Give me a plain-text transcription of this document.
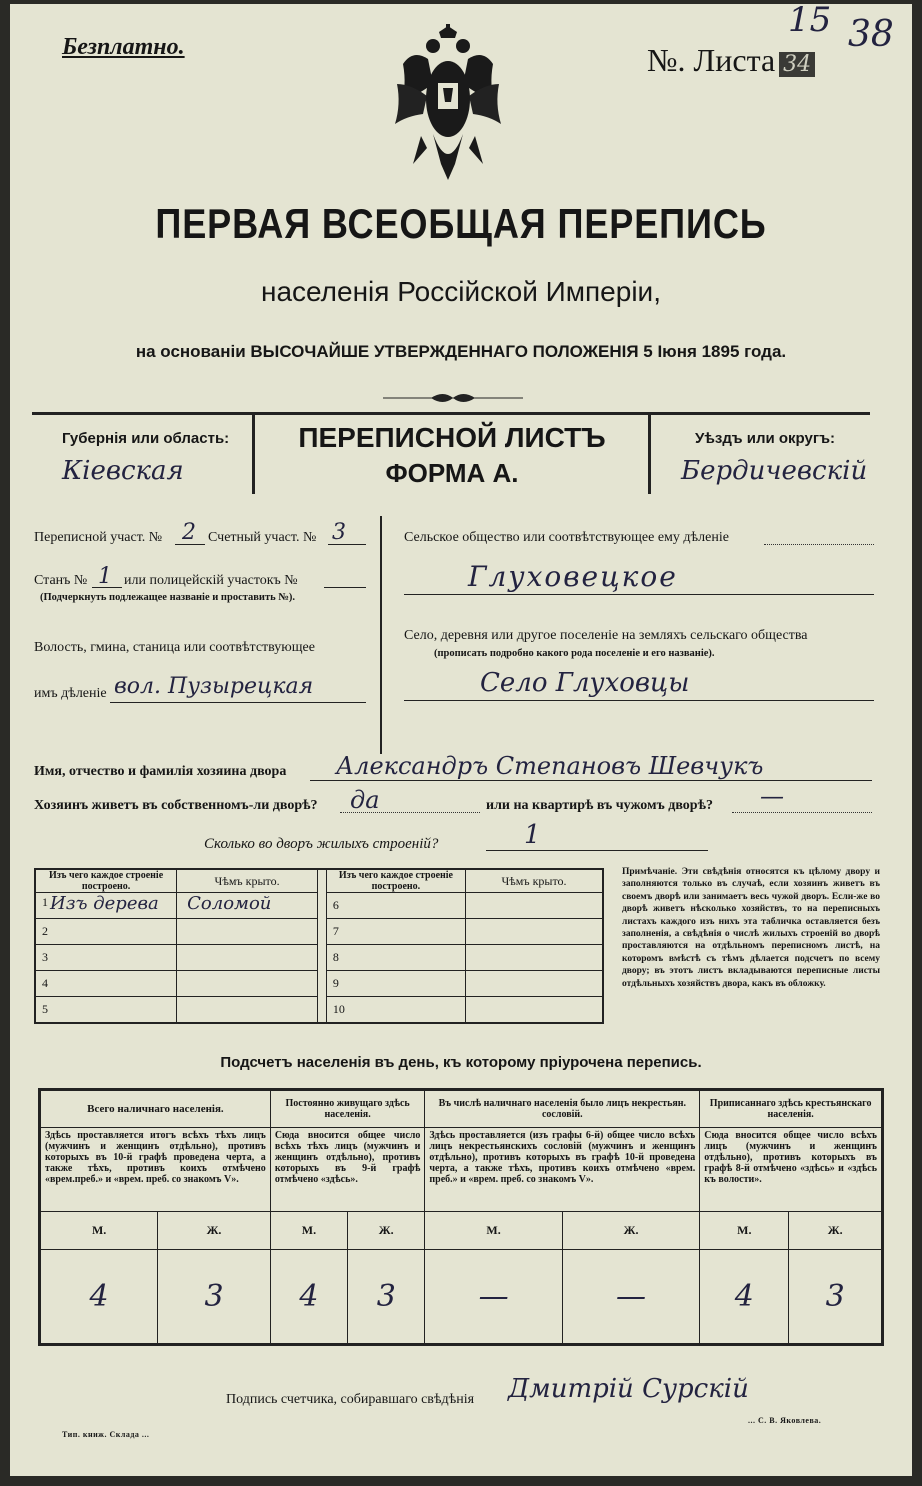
Безплатно.	№. Листа 34
15 38
ПЕРВАЯ ВСЕОБЩАЯ ПЕРЕПИСЬ
населенія Россійской Имперіи,
на основаніи ВЫСОЧАЙШЕ УТВЕРЖДЕННАГО ПОЛОЖЕНІЯ 5 Іюня 1895 года.
Губернія или область:
Кіевская
ПЕРЕПИСНОЙ ЛИСТЪ
ФОРМА А.
Уѣздъ или округъ:
Бердичевскій
Переписной участ. № 2 Счетный участ. № 3
Станъ № 1 или полицейскій участокъ №
(Подчеркнуть подлежащее названіе и проставить №).
Волость, гмина, станица или соотвѣтствующее
имъ дѣленіе вол. Пузырецкая
Сельское общество или соотвѣтствующее ему дѣленіе
Глуховецкое
Село, деревня или другое поселеніе на земляхъ сельскаго общества
(прописать подробно какого рода поселеніе и его названіе).
Село Глуховцы
Имя, отчество и фамилія хозяина двора Александръ Степановъ Шевчукъ
Хозяинъ живетъ въ собственномъ-ли дворѣ? да	или на квартирѣ въ чужомъ дворѣ? —
Сколько во дворъ жилыхъ строеній?	1
Изъ чего каждое строеніе построено.	Чѣмъ крыто.		Изъ чего каждое строеніе построено.	Чѣмъ крыто.

1 Изъ дерева	Соломой		6	
2			7	
3			8	
4			9	
5			10	
Примѣчаніе. Эти свѣдѣнія относятся къ цѣлому двору и заполняются только въ случаѣ, если хозяинъ живетъ въ своемъ дворѣ или занимаетъ весь чужой дворъ. Если-же во дворѣ живетъ нѣсколько хозяйствъ, то на переписныхъ листахъ каждого изъ нихъ эта табличка оставляется безъ заполненія, а свѣдѣнія о числѣ жилыхъ строеній во дворѣ проставляются на отдѣльномъ переписномъ листѣ, на которомъ вмѣстѣ съ тѣмъ дѣлается подсчетъ по всему двору; въ этотъ листъ вкладываются переписные листы отдѣльныхъ хозяйствъ двора, какъ въ обложку.
Подсчетъ населенія въ день, къ которому пріурочена перепись.
Всего наличнаго населенія.		Постоянно живущаго здѣсь населенія.		Въ числѣ наличнаго населенія было лицъ некрестьян. сословій.		Приписаннаго здѣсь крестьянскаго населенія.	
Здѣсь проставляется итогъ всѣхъ тѣхъ лицъ (мужчинъ и женщинъ отдѣльно), противъ которыхъ въ 10-й графѣ проведена черта, а также тѣхъ, противъ коихъ отмѣчено «врем.преб.» и «врем. преб. со знакомъ V».		Сюда вносится общее число всѣхъ тѣхъ лицъ (мужчинъ и женщинъ отдѣльно), противъ которыхъ въ 9-й графѣ отмѣчено «здѣсь».		Здѣсь проставляется (изъ графы 6-й) общее число всѣхъ лицъ некрестьянскихъ сословій (мужчинъ и женщинъ отдѣльно), противъ которыхъ въ графѣ 10-й проведена черта, а также тѣхъ, противъ коихъ отмѣчено «врем. преб.» и «врем. преб. со знакомъ V».		Сюда вносится общее число всѣхъ лицъ (мужчинъ и женщинъ отдѣльно), противъ которыхъ въ графѣ 8-й отмѣчено «здѣсь» и «здѣсь къ волости».	
М.	Ж.	М.	Ж.	М.	Ж.	М.	Ж.
4	3	4	3	—	—	4	3
Подпись счетчика, собиравшаго свѣдѣнія Дмитрій Сурскій
Тип. книж. Склада ...
... С. В. Яковлева.
